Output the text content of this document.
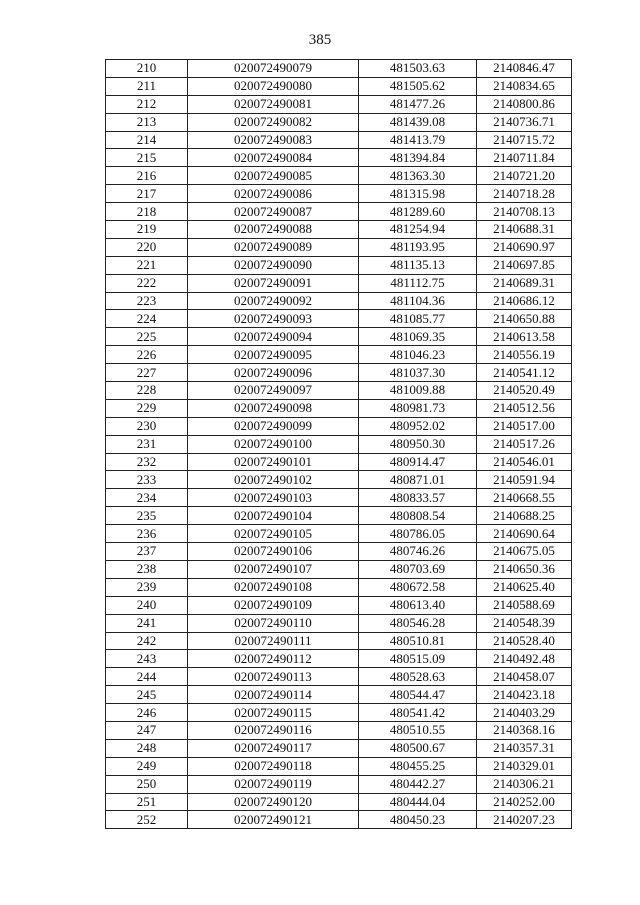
385
210	020072490079	481503.63	2140846.47
211	020072490080	481505.62	2140834.65
212	020072490081	481477.26	2140800.86
213	020072490082	481439.08	2140736.71
214	020072490083	481413.79	2140715.72
215	020072490084	481394.84	2140711.84
216	020072490085	481363.30	2140721.20
217	020072490086	481315.98	2140718.28
218	020072490087	481289.60	2140708.13
219	020072490088	481254.94	2140688.31
220	020072490089	481193.95	2140690.97
221	020072490090	481135.13	2140697.85
222	020072490091	481112.75	2140689.31
223	020072490092	481104.36	2140686.12
224	020072490093	481085.77	2140650.88
225	020072490094	481069.35	2140613.58
226	020072490095	481046.23	2140556.19
227	020072490096	481037.30	2140541.12
228	020072490097	481009.88	2140520.49
229	020072490098	480981.73	2140512.56
230	020072490099	480952.02	2140517.00
231	020072490100	480950.30	2140517.26
232	020072490101	480914.47	2140546.01
233	020072490102	480871.01	2140591.94
234	020072490103	480833.57	2140668.55
235	020072490104	480808.54	2140688.25
236	020072490105	480786.05	2140690.64
237	020072490106	480746.26	2140675.05
238	020072490107	480703.69	2140650.36
239	020072490108	480672.58	2140625.40
240	020072490109	480613.40	2140588.69
241	020072490110	480546.28	2140548.39
242	020072490111	480510.81	2140528.40
243	020072490112	480515.09	2140492.48
244	020072490113	480528.63	2140458.07
245	020072490114	480544.47	2140423.18
246	020072490115	480541.42	2140403.29
247	020072490116	480510.55	2140368.16
248	020072490117	480500.67	2140357.31
249	020072490118	480455.25	2140329.01
250	020072490119	480442.27	2140306.21
251	020072490120	480444.04	2140252.00
252	020072490121	480450.23	2140207.23
